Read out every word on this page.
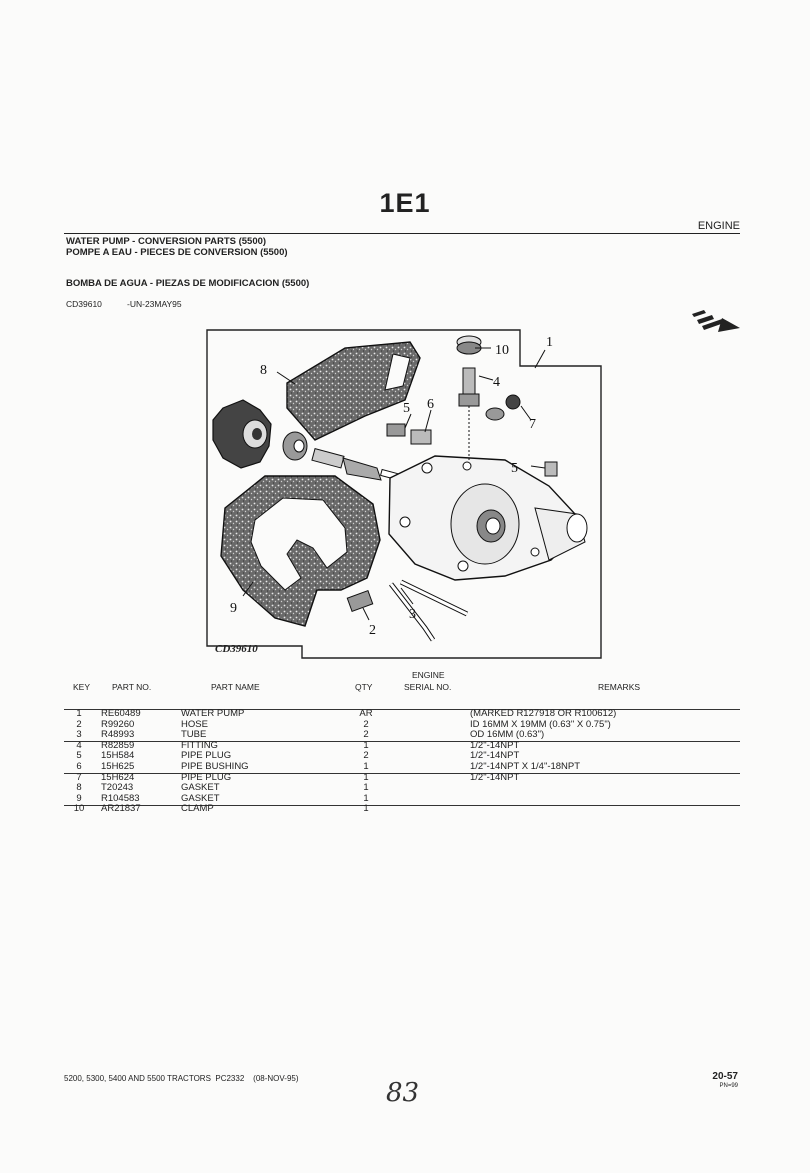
1E1
ENGINE
WATER PUMP - CONVERSION PARTS (5500)
POMPE A EAU - PIECES DE CONVERSION (5500)
BOMBA DE AGUA - PIEZAS DE MODIFICACION (5500)
CD39610	-UN-23MAY95
1
2
3
4
5
5
6
7
8
9
10
CD39610
KEY	PART NO.	PART NAME	QTY
ENGINE
SERIAL NO.	REMARKS
1	RE60489	WATER PUMP	AR	(MARKED R127918 OR R100612)
2	R99260	HOSE	2	ID 16MM X 19MM (0.63" X 0.75")
3	R48993	TUBE	2	OD 16MM (0.63")
4	R82859	FITTING	1	1/2"-14NPT
5	15H584	PIPE PLUG	2	1/2"-14NPT
6	15H625	PIPE BUSHING	1	1/2"-14NPT X 1/4"-18NPT
7	15H624	PIPE PLUG	1	1/2"-14NPT
8	T20243	GASKET	1
9	R104583	GASKET	1
10 AR21837	CLAMP	1
5200, 5300, 5400 AND 5500 TRACTORS PC2332 (08-NOV-95)	20-57
PN=99
83
